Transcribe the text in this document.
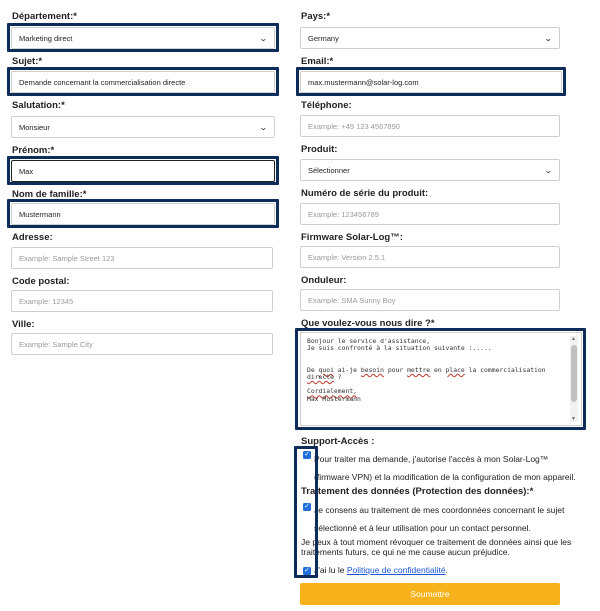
Département:*
Marketing direct	⌄
Sujet:*
Demande concernant la commercialisation directe
Salutation:*
Monsieur	⌄
Prénom:*
Max
Nom de famille:*
Mustermann
Adresse:
Example: Sample Street 123
Code postal:
Example: 12345
Ville:
Example: Sample City
Pays:*
Germany	⌄
Email:*
max.mustermann@solar-log.com
Téléphone:
Example: +49 123 4567890
Produit:
Sélectionner	⌄
Numéro de série du produit:
Example: 123456789
Firmware Solar-Log™:
Example: Version 2.5.1
Onduleur:
Example: SMA Sunny Boy
Que voulez-vous nous dire ?*
Bonjour le service d'assistance,
Je suis confronté à la situation suivante :.....

De quoi ai-je besoin pour mettre en place la commercialisation
directe ?

Cordialement,
Max Mustermann
▲
▼
Support-Accès :
✓ Pour traiter ma demande, j'autorise l'accès à mon Solar-Log™ (firmware VPN) et la modification de la configuration de mon appareil.
Traitement des données (Protection des données):*
✓ Je consens au traitement de mes coordonnées concernant le sujet sélectionné et à leur utilisation pour un contact personnel.
Je peux à tout moment révoquer ce traitement de données ainsi que les traitements futurs, ce qui ne me cause aucun préjudice.
✓ J'ai lu le Politique de confidentialité.
Soumettre
